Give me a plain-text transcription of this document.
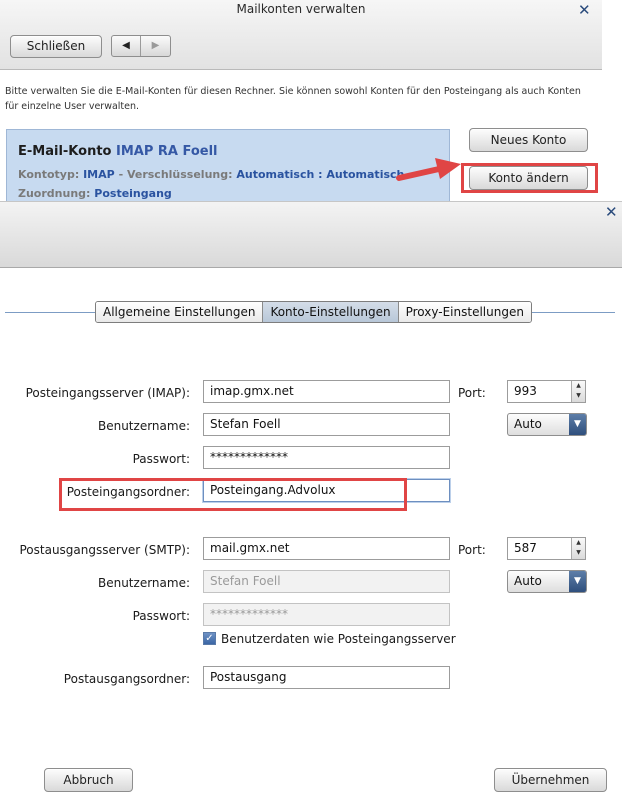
Mailkonten verwalten	✕
Schließen	◀	▶
Bitte verwalten Sie die E-Mail-Konten für diesen Rechner. Sie können sowohl Konten für den Posteingang als auch Konten für einzelne User verwalten.
E-Mail-Konto IMAP RA Foell
Kontotyp: IMAP - Verschlüsselung: Automatisch : Automatisch
Zuordnung: Posteingang
Neues Konto
Konto ändern
✕
Allgemeine Einstellungen	Konto-Einstellungen	Proxy-Einstellungen
Posteingangsserver (IMAP):	imap.gmx.net	Port:	993	▲
▼
Benutzername:	Stefan Foell	Auto	▼
Passwort:	*************
Posteingangsordner:	Posteingang.Advolux
Postausgangsserver (SMTP):	mail.gmx.net	Port:	587	▲
▼
Benutzername:	Stefan Foell	Auto	▼
Passwort:	*************
✓ Benutzerdaten wie Posteingangsserver
Postausgangsordner:	Postausgang
Abbruch	Übernehmen
